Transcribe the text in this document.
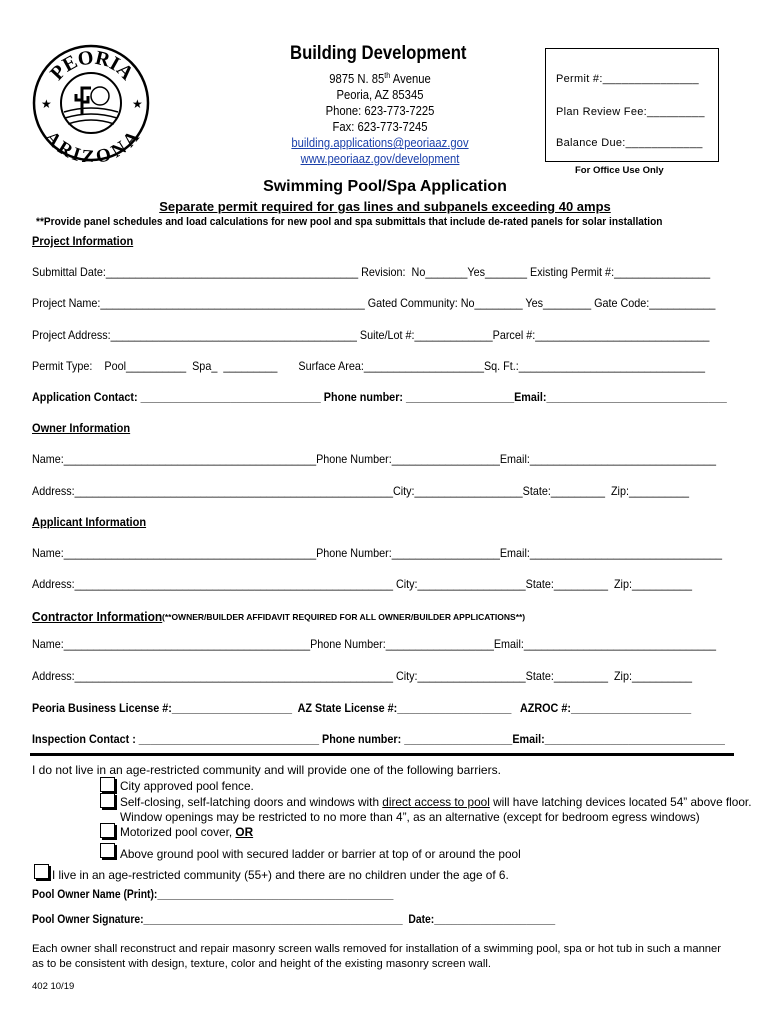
PEORIA
ARIZONA
★	★
Building Development
9875 N. 85th Avenue
Peoria, AZ 85345
Phone: 623-773-7225
Fax: 623-773-7245
building.applications@peoriaaz.gov
www.peoriaaz.gov/development
Permit #:_______________
Plan Review Fee:_________
Balance Due:____________
For Office Use Only
Swimming Pool/Spa Application
Separate permit required for gas lines and subpanels exceeding 40 amps
**Provide panel schedules and load calculations for new pool and spa submittals that include de-rated panels for solar installation
Project Information
Submittal Date:__________________________________________ Revision:  No_______Yes_______ Existing Permit #:________________
Project Name:____________________________________________ Gated Community: No________ Yes________ Gate Code:___________
Project Address:_________________________________________ Suite/Lot #:_____________Parcel #:_____________________________
Permit Type:    Pool__________  Spa_  _________       Surface Area:____________________Sq. Ft.:_______________________________
Application Contact: ______________________________ Phone number: __________________Email:______________________________
Owner Information
Name:__________________________________________Phone Number:__________________Email:_______________________________
Address:_____________________________________________________City:__________________State:_________  Zip:__________
Applicant Information
Name:__________________________________________Phone Number:__________________Email:________________________________
Address:_____________________________________________________ City:__________________State:_________  Zip:__________
Contractor Information (**OWNER/BUILDER AFFIDAVIT REQUIRED FOR ALL OWNER/BUILDER APPLICATIONS**)
Name:_________________________________________Phone Number:__________________Email:________________________________
Address:_____________________________________________________ City:__________________State:_________  Zip:__________
Peoria Business License #:____________________  AZ State License #:___________________   AZROC #:____________________
Inspection Contact : ______________________________ Phone number: __________________Email:______________________________
I do not live in an age-restricted community and will provide one of the following barriers.
City approved pool fence.
Self-closing, self-latching doors and windows with direct access to pool will have latching devices located 54” above floor.
Window openings may be restricted to no more than 4”, as an alternative (except for bedroom egress windows)
Motorized pool cover, OR
Above ground pool with secured ladder or barrier at top of or around the pool
I live in an age-restricted community (55+) and there are no children under the age of 6.
Pool Owner Name (Print):_________________________________________
Pool Owner Signature:_____________________________________________  Date:_____________________
Each owner shall reconstruct and repair masonry screen walls removed for installation of a swimming pool, spa or hot tub in such a manner as to be consistent with design, texture, color and height of the existing masonry screen wall.
402 10/19
